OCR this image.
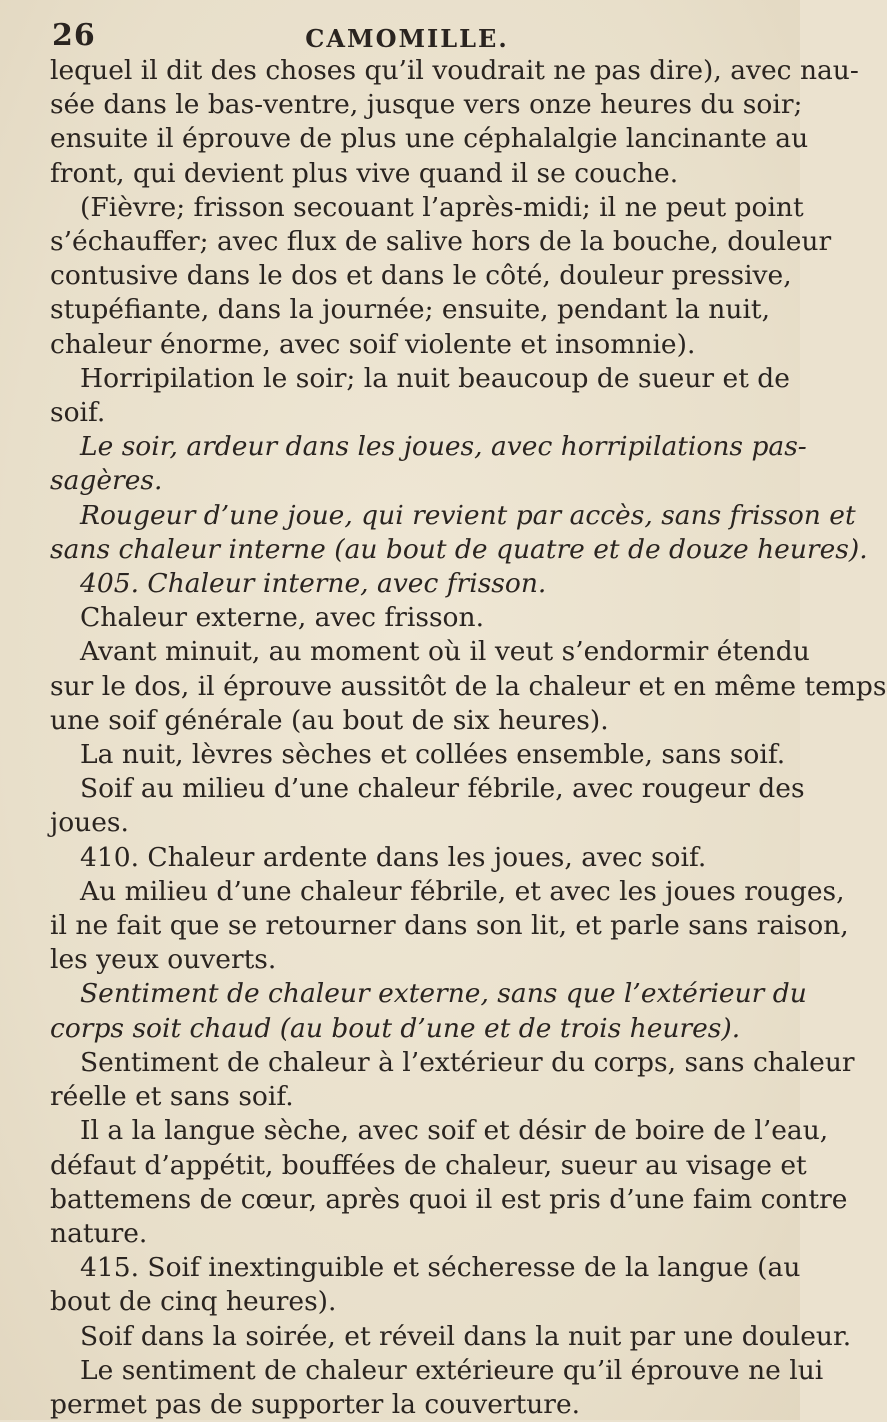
26	CAMOMILLE.
lequel il dit des choses qu’il voudrait ne pas dire), avec nau-
sée dans le bas-ventre, jusque vers onze heures du soir;
ensuite il éprouve de plus une céphalalgie lancinante au
front, qui devient plus vive quand il se couche.
(Fièvre; frisson secouant l’après-midi; il ne peut point
s’échauffer; avec flux de salive hors de la bouche, douleur
contusive dans le dos et dans le côté, douleur pressive,
stupéfiante, dans la journée; ensuite, pendant la nuit,
chaleur énorme, avec soif violente et insomnie).
Horripilation le soir; la nuit beaucoup de sueur et de
soif.
Le soir, ardeur dans les joues, avec horripilations pas-
sagères.
Rougeur d’une joue, qui revient par accès, sans frisson et
sans chaleur interne (au bout de quatre et de douze heures).
405. Chaleur interne, avec frisson.
Chaleur externe, avec frisson.
Avant minuit, au moment où il veut s’endormir étendu
sur le dos, il éprouve aussitôt de la chaleur et en même temps
une soif générale (au bout de six heures).
La nuit, lèvres sèches et collées ensemble, sans soif.
Soif au milieu d’une chaleur fébrile, avec rougeur des
joues.
410. Chaleur ardente dans les joues, avec soif.
Au milieu d’une chaleur fébrile, et avec les joues rouges,
il ne fait que se retourner dans son lit, et parle sans raison,
les yeux ouverts.
Sentiment de chaleur externe, sans que l’extérieur du
corps soit chaud (au bout d’une et de trois heures).
Sentiment de chaleur à l’extérieur du corps, sans chaleur
réelle et sans soif.
Il a la langue sèche, avec soif et désir de boire de l’eau,
défaut d’appétit, bouffées de chaleur, sueur au visage et
battemens de cœur, après quoi il est pris d’une faim contre
nature.
415. Soif inextinguible et sécheresse de la langue (au
bout de cinq heures).
Soif dans la soirée, et réveil dans la nuit par une douleur.
Le sentiment de chaleur extérieure qu’il éprouve ne lui
permet pas de supporter la couverture.
